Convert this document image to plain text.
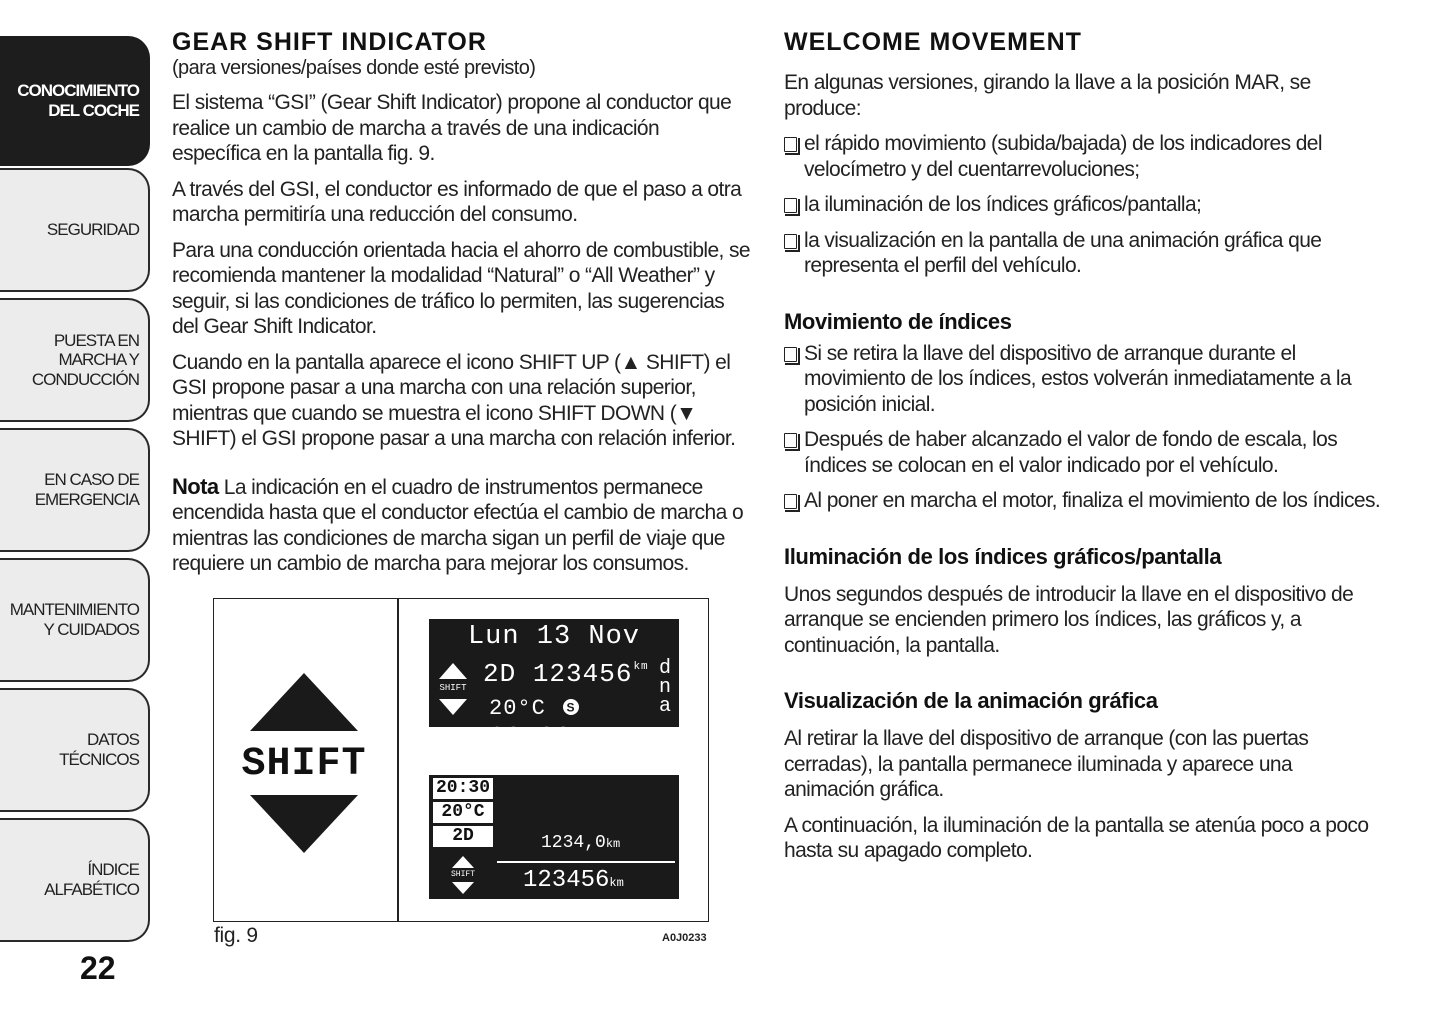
CONOCIMIENTO DEL COCHE
SEGURIDAD
PUESTA EN MARCHA Y CONDUCCIÓN
EN CASO DE EMERGENCIA
MANTENIMIENTO Y CUIDADOS
DATOS TÉCNICOS
ÍNDICE ALFABÉTICO
22
GEAR SHIFT INDICATOR
(para versiones/países donde esté previsto)

El sistema “GSI” (Gear Shift Indicator) propone al conductor que realice un cambio de marcha a través de una indicación específica en la pantalla fig. 9.

A través del GSI, el conductor es informado de que el paso a otra marcha permitiría una reducción del consumo.

Para una conducción orientada hacia el ahorro de combustible, se recomienda mantener la modalidad “Natural” o “All Weather” y seguir, si las condiciones de tráfico lo permiten, las sugerencias del Gear Shift Indicator.

Cuando en la pantalla aparece el icono SHIFT UP (▲ SHIFT) el GSI propone pasar a una marcha con una relación superior, mientras que cuando se muestra el icono SHIFT DOWN (▼ SHIFT) el GSI propone pasar a una marcha con relación inferior.

Nota La indicación en el cuadro de instrumentos permanece encendida hasta que el conductor efectúa el cambio de marcha o mientras las condiciones de marcha sigan un perfil de viaje que requiere un cambio de marcha para mejorar los consumos.

SHIFT
Lun 13 Nov
SHIFT 2D $123456^{km}$
20°C S
20:30
d
n
a
20:30
20°C
2D
SHIFT
1234,0km
123456km
fig. 9	A0J0233
WELCOME MOVEMENT

En algunas versiones, girando la llave a la posición MAR, se produce:

el rápido movimiento (subida/bajada) de los indicadores del velocímetro y del cuentarrevoluciones;
la iluminación de los índices gráficos/pantalla;
la visualización en la pantalla de una animación gráfica que representa el perfil del vehículo.
Movimiento de índices
Si se retira la llave del dispositivo de arranque durante el movimiento de los índices, estos volverán inmediatamente a la posición inicial.
Después de haber alcanzado el valor de fondo de escala, los índices se colocan en el valor indicado por el vehículo.
Al poner en marcha el motor, finaliza el movimiento de los índices.
Iluminación de los índices gráficos/pantalla

Unos segundos después de introducir la llave en el dispositivo de arranque se encienden primero los índices, las gráficos y, a continuación, la pantalla.

Visualización de la animación gráfica

Al retirar la llave del dispositivo de arranque (con las puertas cerradas), la pantalla permanece iluminada y aparece una animación gráfica.

A continuación, la iluminación de la pantalla se atenúa poco a poco hasta su apagado completo.
